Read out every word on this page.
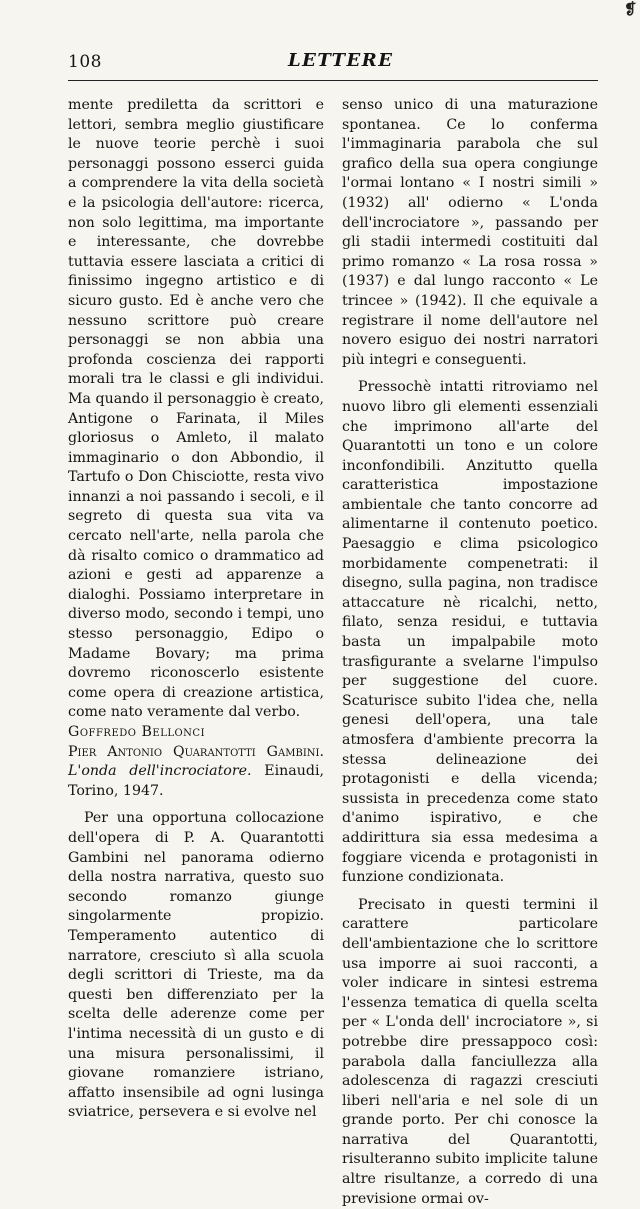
❡
108	LETTERE

mente prediletta da scrittori e lettori, sembra meglio giustificare le nuove teorie perchè i suoi personaggi possono esserci guida a comprendere la vita della società e la psicologia dell'autore: ricerca, non solo legittima, ma importante e interessante, che dovrebbe tuttavia essere lasciata a critici di finissimo ingegno artistico e di sicuro gusto. Ed è anche vero che nessuno scrittore può creare personaggi se non abbia una profonda coscienza dei rapporti morali tra le classi e gli individui. Ma quando il personaggio è creato, Antigone o Farinata, il Miles gloriosus o Amleto, il malato immaginario o don Abbondio, il Tartufo o Don Chisciotte, resta vivo innanzi a noi passando i secoli, e il segreto di questa sua vita va cercato nell'arte, nella parola che dà risalto comico o drammatico ad azioni e gesti ad apparenze a dialoghi. Possiamo interpretare in diverso modo, secondo i tempi, uno stesso personaggio, Edipo o Madame Bovary; ma prima dovremo riconoscerlo esistente come opera di creazione artistica, come nato veramente dal verbo.

Goffredo Bellonci

Pier Antonio Quarantotti Gambini. L'onda dell'incrociatore. Einaudi, Torino, 1947.

Per una opportuna collocazione dell'opera di P. A. Quarantotti Gambini nel panorama odierno della nostra narrativa, questo suo secondo romanzo giunge singolarmente propizio. Temperamento autentico di narratore, cresciuto sì alla scuola degli scrittori di Trieste, ma da questi ben differenziato per la scelta delle aderenze come per l'intima necessità di un gusto e di una misura personalissimi, il giovane romanziere istriano, affatto insensibile ad ogni lusinga sviatrice, persevera e si evolve nel

senso unico di una maturazione spontanea. Ce lo conferma l'immaginaria parabola che sul grafico della sua opera congiunge l'ormai lontano « I nostri simili » (1932) all' odierno « L'onda dell'incrociatore », passando per gli stadii intermedi costituiti dal primo romanzo « La rosa rossa » (1937) e dal lungo racconto « Le trincee » (1942). Il che equivale a registrare il nome dell'autore nel novero esiguo dei nostri narratori più integri e conseguenti.

Pressochè intatti ritroviamo nel nuovo libro gli elementi essenziali che imprimono all'arte del Quarantotti un tono e un colore inconfondibili. Anzitutto quella caratteristica impostazione ambientale che tanto concorre ad alimentarne il contenuto poetico. Paesaggio e clima psicologico morbidamente compenetrati: il disegno, sulla pagina, non tradisce attaccature nè ricalchi, netto, filato, senza residui, e tuttavia basta un impalpabile moto trasfigurante a svelarne l'impulso per suggestione del cuore. Scaturisce subito l'idea che, nella genesi dell'opera, una tale atmosfera d'ambiente precorra la stessa delineazione dei protagonisti e della vicenda; sussista in precedenza come stato d'animo ispirativo, e che addirittura sia essa medesima a foggiare vicenda e protagonisti in funzione condizionata.

Precisato in questi termini il carattere particolare dell'ambientazione che lo scrittore usa imporre ai suoi racconti, a voler indicare in sintesi estrema l'essenza tematica di quella scelta per « L'onda dell' incrociatore », si potrebbe dire pressappoco così: parabola dalla fanciullezza alla adolescenza di ragazzi cresciuti liberi nell'aria e nel sole di un grande porto. Per chi conosce la narrativa del Quarantotti, risulteranno subito implicite talune altre risultanze, a corredo di una previsione ormai ov-
